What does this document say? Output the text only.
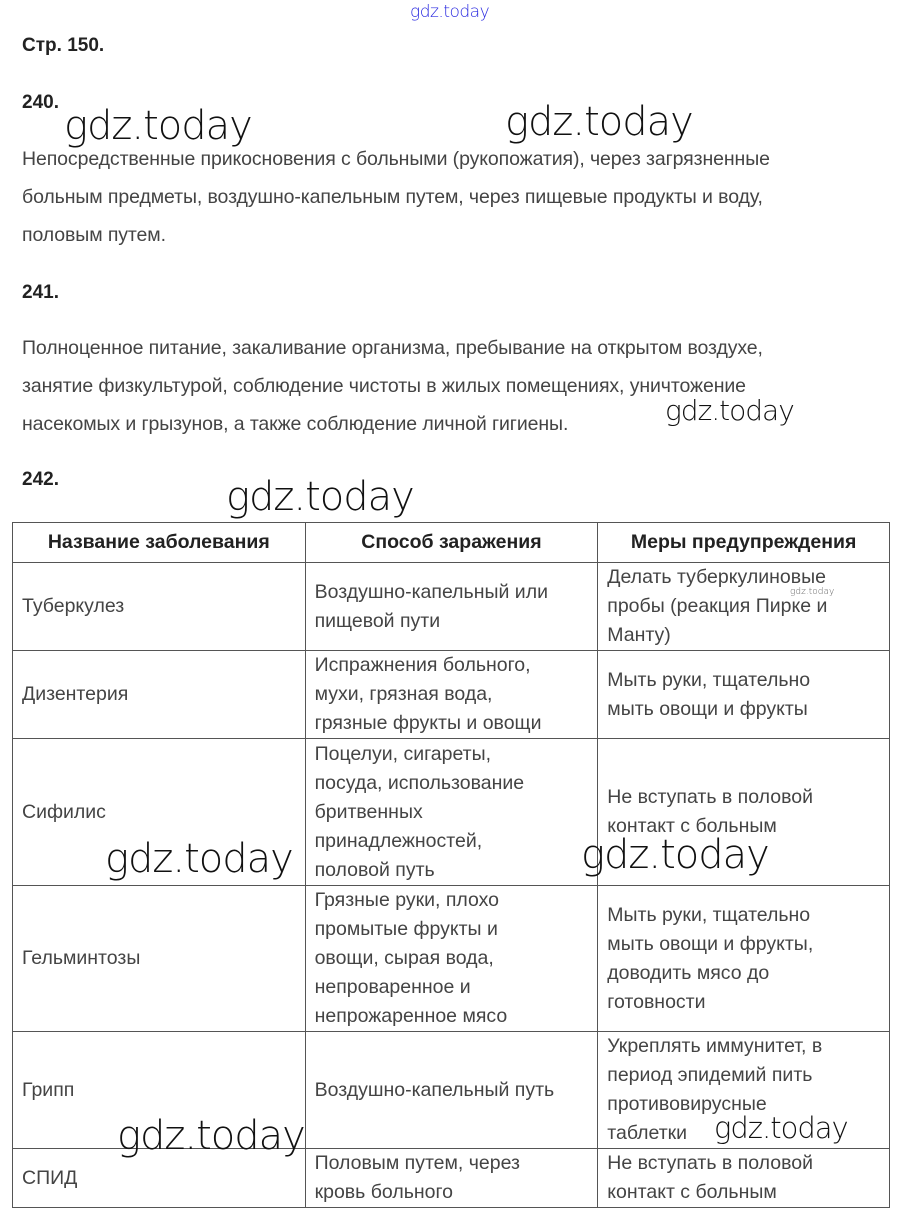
gdz.today
Стр. 150.
240.
Непосредственные прикосновения с больными (рукопожатия), через загрязненные
больным предметы, воздушно-капельным путем, через пищевые продукты и воду,
половым путем.
241.
Полноценное питание, закаливание организма, пребывание на открытом воздухе,
занятие физкультурой, соблюдение чистоты в жилых помещениях, уничтожение
насекомых и грызунов, а также соблюдение личной гигиены.
242.
Название заболевания	Способ заражения	Меры предупреждения
Туберкулез	Воздушно-капельный или
пищевой пути	Делать туберкулиновые
пробы (реакция Пирке и
Манту)
Дизентерия	Испражнения больного,
мухи, грязная вода,
грязные фрукты и овощи	Мыть руки, тщательно
мыть овощи и фрукты
Сифилис	Поцелуи, сигареты,
посуда, использование
бритвенных
принадлежностей,
половой путь	Не вступать в половой
контакт с больным
Гельминтозы	Грязные руки, плохо
промытые фрукты и
овощи, сырая вода,
непроваренное и
непрожаренное мясо	Мыть руки, тщательно
мыть овощи и фрукты,
доводить мясо до
готовности
Грипп	Воздушно-капельный путь	Укреплять иммунитет, в
период эпидемий пить
противовирусные
таблетки
СПИД	Половым путем, через
кровь больного	Не вступать в половой
контакт с больным
gdz.today	gdz.today
gdz.today
gdz.today
gdz.today
gdz.today	gdz.today
gdz.today	gdz.today
